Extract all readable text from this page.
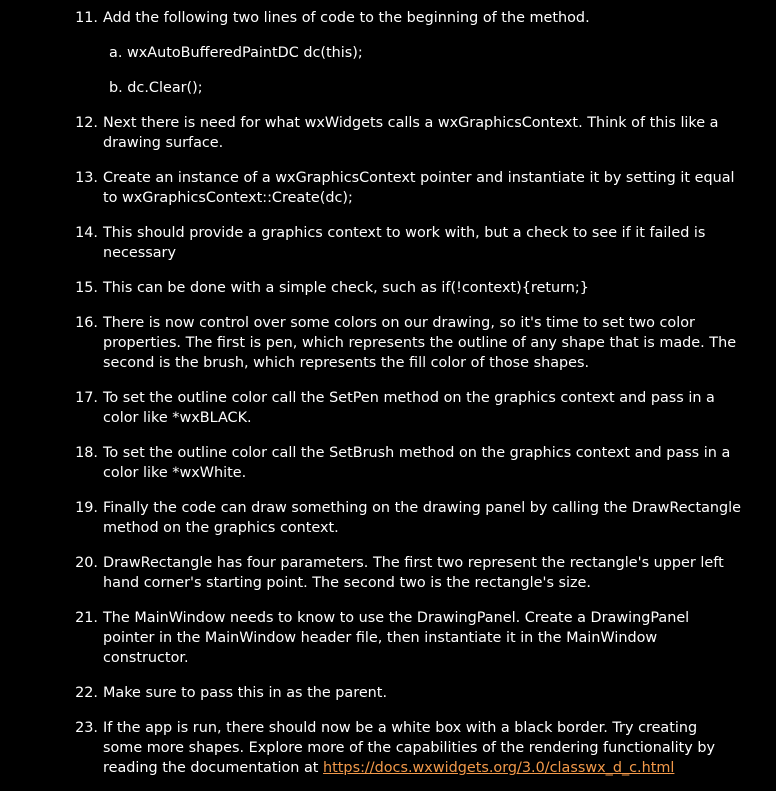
11. Add the following two lines of code to the beginning of the method.
a. wxAutoBufferedPaintDC dc(this);
b. dc.Clear();
12. Next there is need for what wxWidgets calls a wxGraphicsContext. Think of this like a
drawing surface.
13. Create an instance of a wxGraphicsContext pointer and instantiate it by setting it equal
to wxGraphicsContext::Create(dc);
14. This should provide a graphics context to work with, but a check to see if it failed is
necessary
15. This can be done with a simple check, such as if(!context){return;}
16. There is now control over some colors on our drawing, so it's time to set two color
properties. The first is pen, which represents the outline of any shape that is made. The
second is the brush, which represents the fill color of those shapes.
17. To set the outline color call the SetPen method on the graphics context and pass in a
color like *wxBLACK.
18. To set the outline color call the SetBrush method on the graphics context and pass in a
color like *wxWhite.
19. Finally the code can draw something on the drawing panel by calling the DrawRectangle
method on the graphics context.
20. DrawRectangle has four parameters. The first two represent the rectangle's upper left
hand corner's starting point. The second two is the rectangle's size.
21. The MainWindow needs to know to use the DrawingPanel. Create a DrawingPanel
pointer in the MainWindow header file, then instantiate it in the MainWindow
constructor.
22. Make sure to pass this in as the parent.
23. If the app is run, there should now be a white box with a black border. Try creating
some more shapes. Explore more of the capabilities of the rendering functionality by
reading the documentation at https://docs.wxwidgets.org/3.0/classwx_d_c.html
